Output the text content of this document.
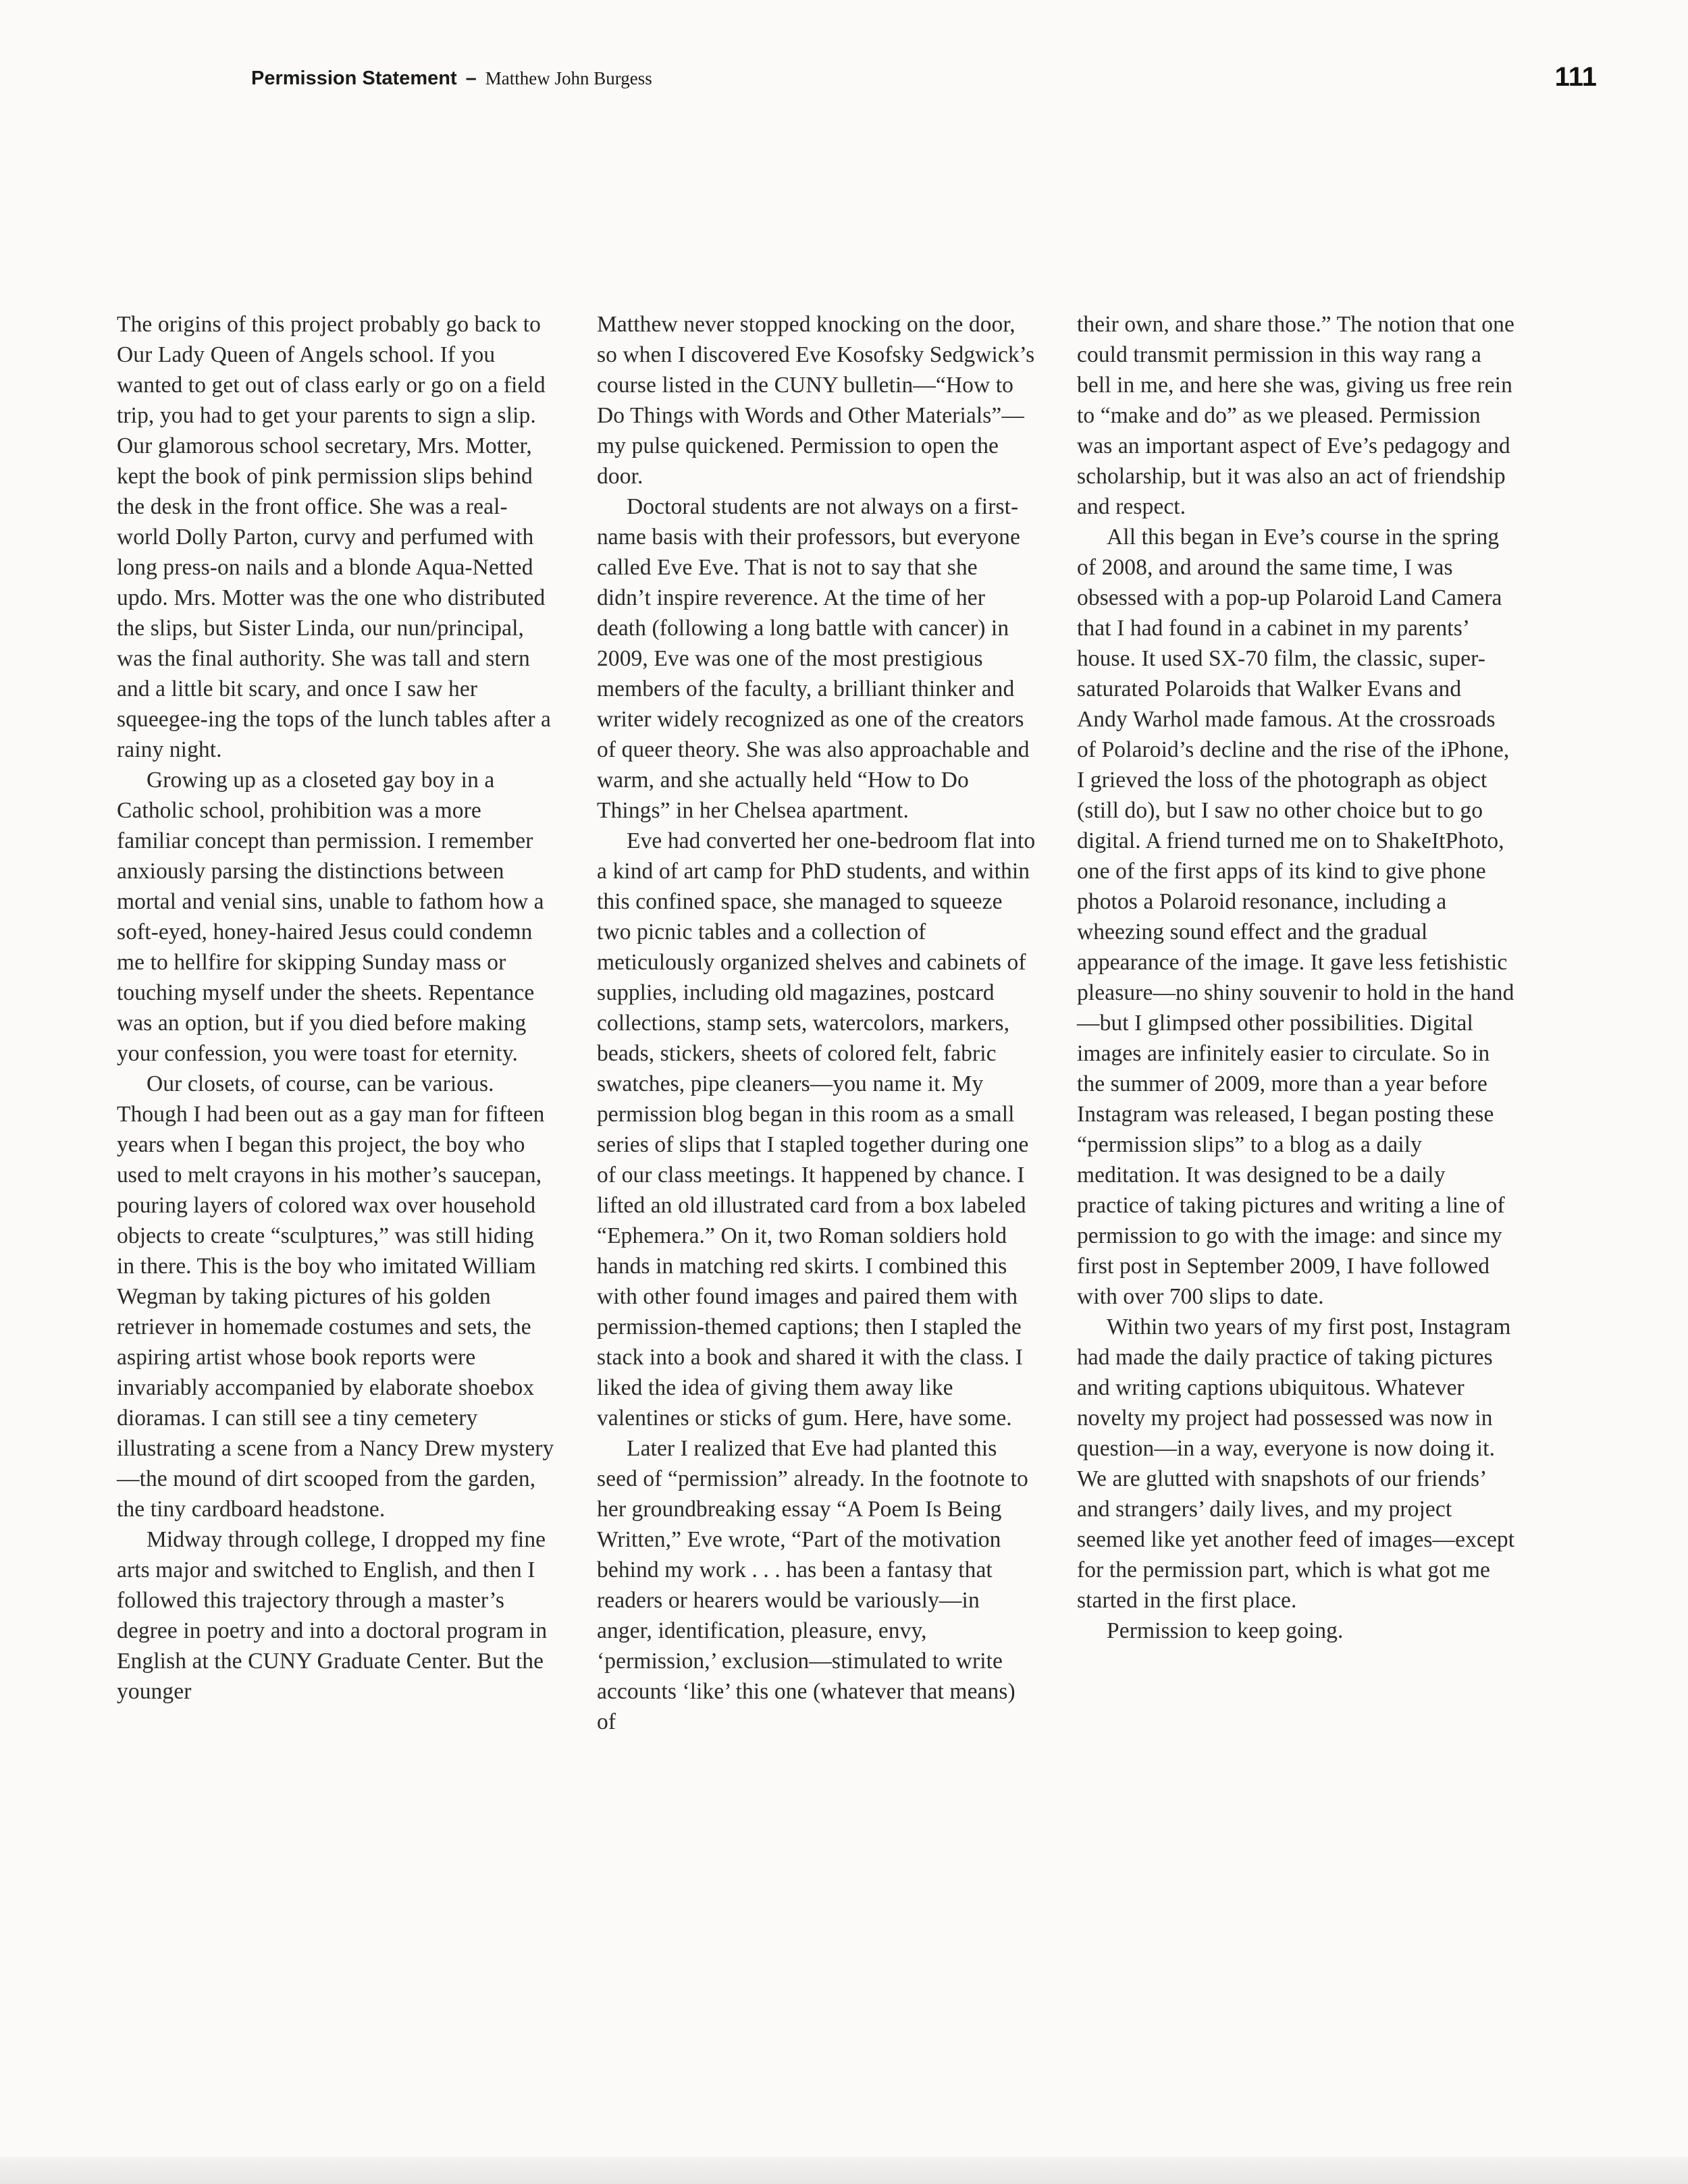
Permission Statement – Matthew John Burgess	111

The origins of this project probably go back to Our Lady Queen of Angels school. If you wanted to get out of class early or go on a field trip, you had to get your parents to sign a slip. Our glamorous school secretary, Mrs. Motter, kept the book of pink permission slips behind the desk in the front office. She was a real-world Dolly Parton, curvy and perfumed with long press-on nails and a blonde Aqua-Netted updo. Mrs. Motter was the one who distributed the slips, but Sister Linda, our nun/principal, was the final authority. She was tall and stern and a little bit scary, and once I saw her squeegee-ing the tops of the lunch tables after a rainy night.

Growing up as a closeted gay boy in a Catholic school, prohibition was a more familiar concept than permission. I remember anxiously parsing the distinctions between mortal and venial sins, unable to fathom how a soft-eyed, honey-haired Jesus could condemn me to hellfire for skipping Sunday mass or touching myself under the sheets. Repentance was an option, but if you died before making your confession, you were toast for eternity.

Our closets, of course, can be various. Though I had been out as a gay man for fifteen years when I began this project, the boy who used to melt crayons in his mother’s saucepan, pouring layers of colored wax over household objects to create “sculptures,” was still hiding in there. This is the boy who imitated William Wegman by taking pictures of his golden retriever in homemade costumes and sets, the aspiring artist whose book reports were invariably accompanied by elaborate shoebox dioramas. I can still see a tiny cemetery illustrating a scene from a Nancy Drew mystery—the mound of dirt scooped from the garden, the tiny cardboard headstone.

Midway through college, I dropped my fine arts major and switched to English, and then I followed this trajectory through a master’s degree in poetry and into a doctoral program in English at the CUNY Graduate Center. But the younger

Matthew never stopped knocking on the door, so when I discovered Eve Kosofsky Sedgwick’s course listed in the CUNY bulletin—“How to Do Things with Words and Other Materials”—my pulse quickened. Permission to open the door.

Doctoral students are not always on a first-name basis with their professors, but everyone called Eve Eve. That is not to say that she didn’t inspire reverence. At the time of her death (following a long battle with cancer) in 2009, Eve was one of the most prestigious members of the faculty, a brilliant thinker and writer widely recognized as one of the creators of queer theory. She was also approachable and warm, and she actually held “How to Do Things” in her Chelsea apartment.

Eve had converted her one-bedroom flat into a kind of art camp for PhD students, and within this confined space, she managed to squeeze two picnic tables and a collection of meticulously organized shelves and cabinets of supplies, including old magazines, postcard collections, stamp sets, watercolors, markers, beads, stickers, sheets of colored felt, fabric swatches, pipe cleaners—you name it. My permission blog began in this room as a small series of slips that I stapled together during one of our class meetings. It happened by chance. I lifted an old illustrated card from a box labeled “Ephemera.” On it, two Roman soldiers hold hands in matching red skirts. I combined this with other found images and paired them with permission-themed captions; then I stapled the stack into a book and shared it with the class. I liked the idea of giving them away like valentines or sticks of gum. Here, have some.

Later I realized that Eve had planted this seed of “permission” already. In the footnote to her groundbreaking essay “A Poem Is Being Written,” Eve wrote, “Part of the motivation behind my work . . . has been a fantasy that readers or hearers would be variously—in anger, identification, pleasure, envy, ‘permission,’ exclusion—stimulated to write accounts ‘like’ this one (whatever that means) of

their own, and share those.” The notion that one could transmit permission in this way rang a bell in me, and here she was, giving us free rein to “make and do” as we pleased. Permission was an important aspect of Eve’s pedagogy and scholarship, but it was also an act of friendship and respect.

All this began in Eve’s course in the spring of 2008, and around the same time, I was obsessed with a pop-up Polaroid Land Camera that I had found in a cabinet in my parents’ house. It used SX-70 film, the classic, super-saturated Polaroids that Walker Evans and Andy Warhol made famous. At the crossroads of Polaroid’s decline and the rise of the iPhone, I grieved the loss of the photograph as object (still do), but I saw no other choice but to go digital. A friend turned me on to ShakeItPhoto, one of the first apps of its kind to give phone photos a Polaroid resonance, including a wheezing sound effect and the gradual appearance of the image. It gave less fetishistic pleasure—no shiny souvenir to hold in the hand—but I glimpsed other possibilities. Digital images are infinitely easier to circulate. So in the summer of 2009, more than a year before Instagram was released, I began posting these “permission slips” to a blog as a daily meditation. It was designed to be a daily practice of taking pictures and writing a line of permission to go with the image: and since my first post in September 2009, I have followed with over 700 slips to date.

Within two years of my first post, Instagram had made the daily practice of taking pictures and writing captions ubiquitous. Whatever novelty my project had possessed was now in question—in a way, everyone is now doing it. We are glutted with snapshots of our friends’ and strangers’ daily lives, and my project seemed like yet another feed of images—except for the permission part, which is what got me started in the first place.

Permission to keep going.
